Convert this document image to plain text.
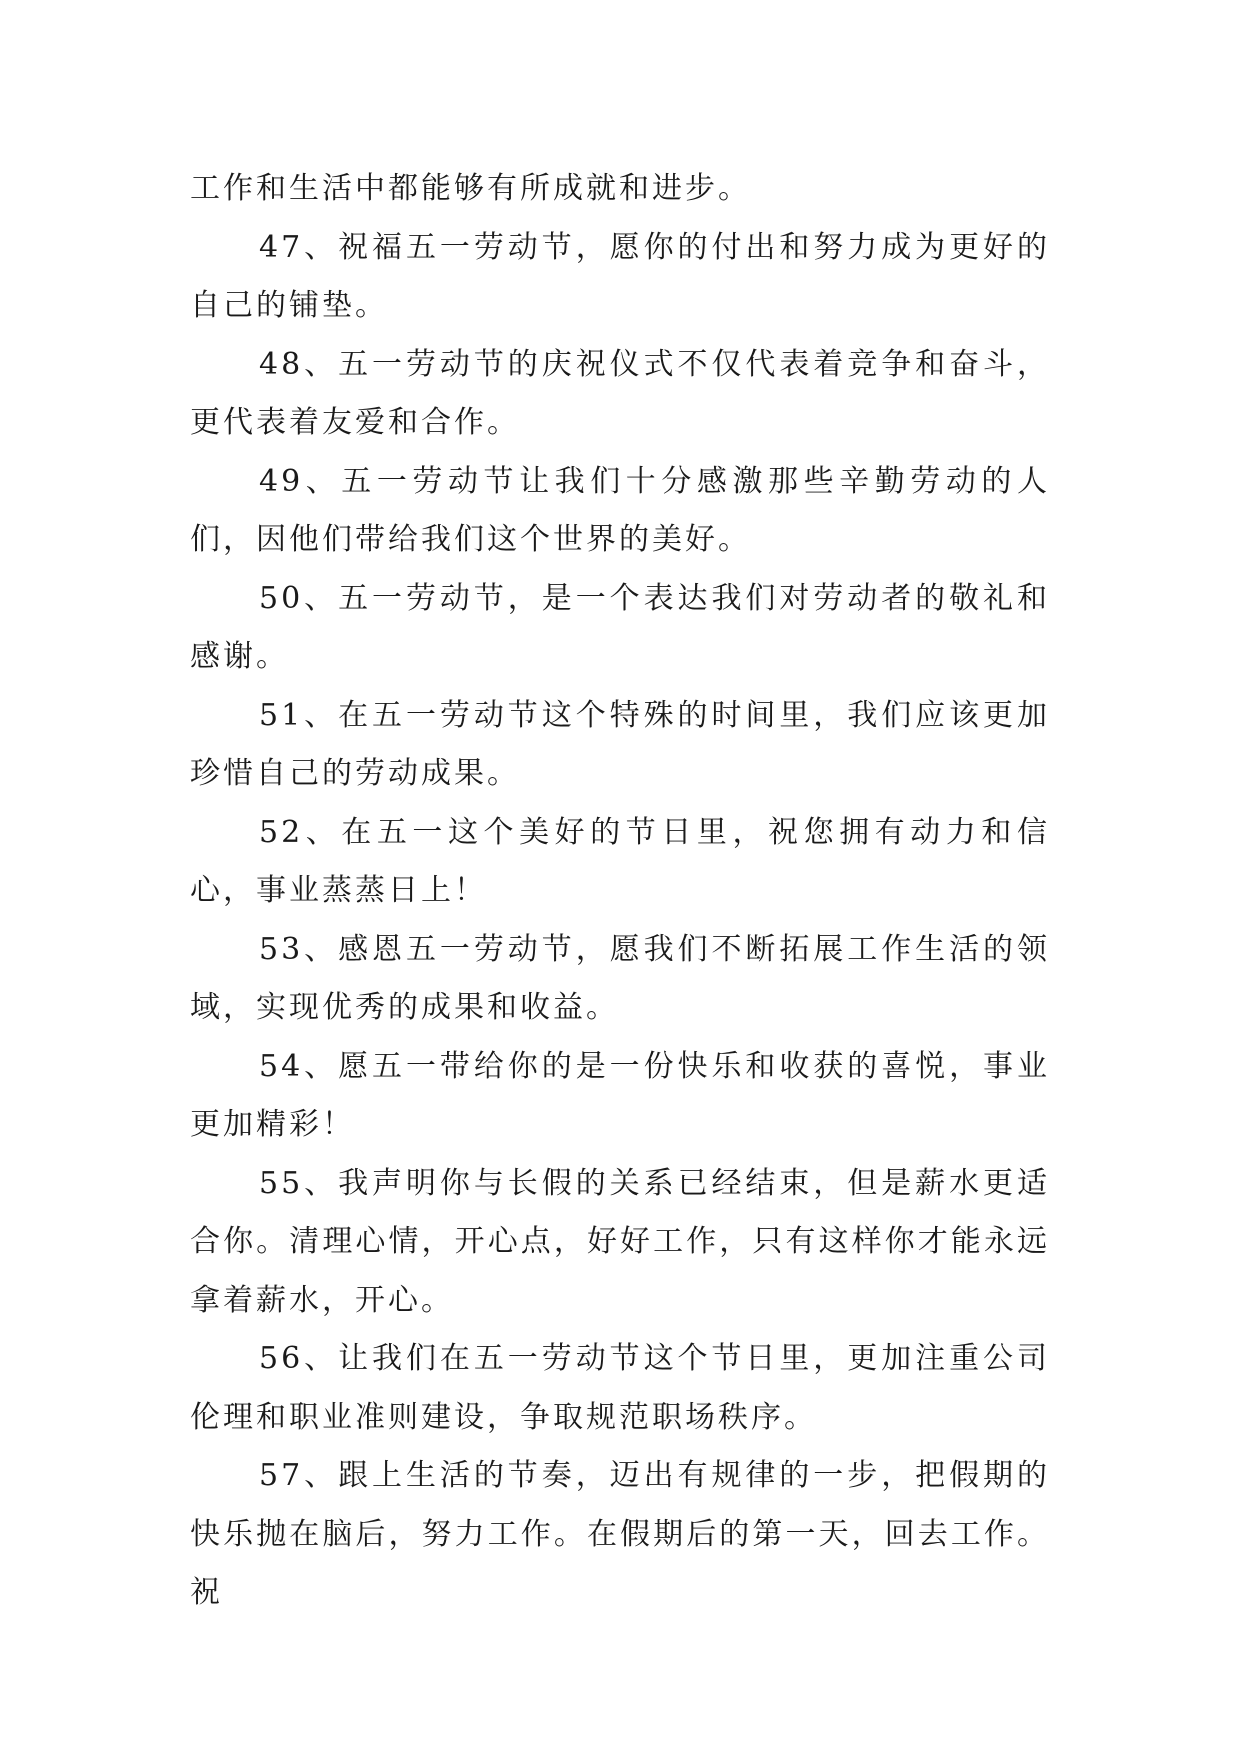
工作和生活中都能够有所成就和进步。

47、祝福五一劳动节，愿你的付出和努力成为更好的自己的铺垫。

48、五一劳动节的庆祝仪式不仅代表着竞争和奋斗，更代表着友爱和合作。

49、五一劳动节让我们十分感激那些辛勤劳动的人们，因他们带给我们这个世界的美好。

50、五一劳动节，是一个表达我们对劳动者的敬礼和感谢。

51、在五一劳动节这个特殊的时间里，我们应该更加珍惜自己的劳动成果。

52、在五一这个美好的节日里，祝您拥有动力和信心，事业蒸蒸日上！

53、感恩五一劳动节，愿我们不断拓展工作生活的领域，实现优秀的成果和收益。

54、愿五一带给你的是一份快乐和收获的喜悦，事业更加精彩！

55、我声明你与长假的关系已经结束，但是薪水更适合你。清理心情，开心点，好好工作，只有这样你才能永远拿着薪水，开心。

56、让我们在五一劳动节这个节日里，更加注重公司伦理和职业准则建设，争取规范职场秩序。

57、跟上生活的节奏，迈出有规律的一步，把假期的快乐抛在脑后，努力工作。在假期后的第一天，回去工作。祝
